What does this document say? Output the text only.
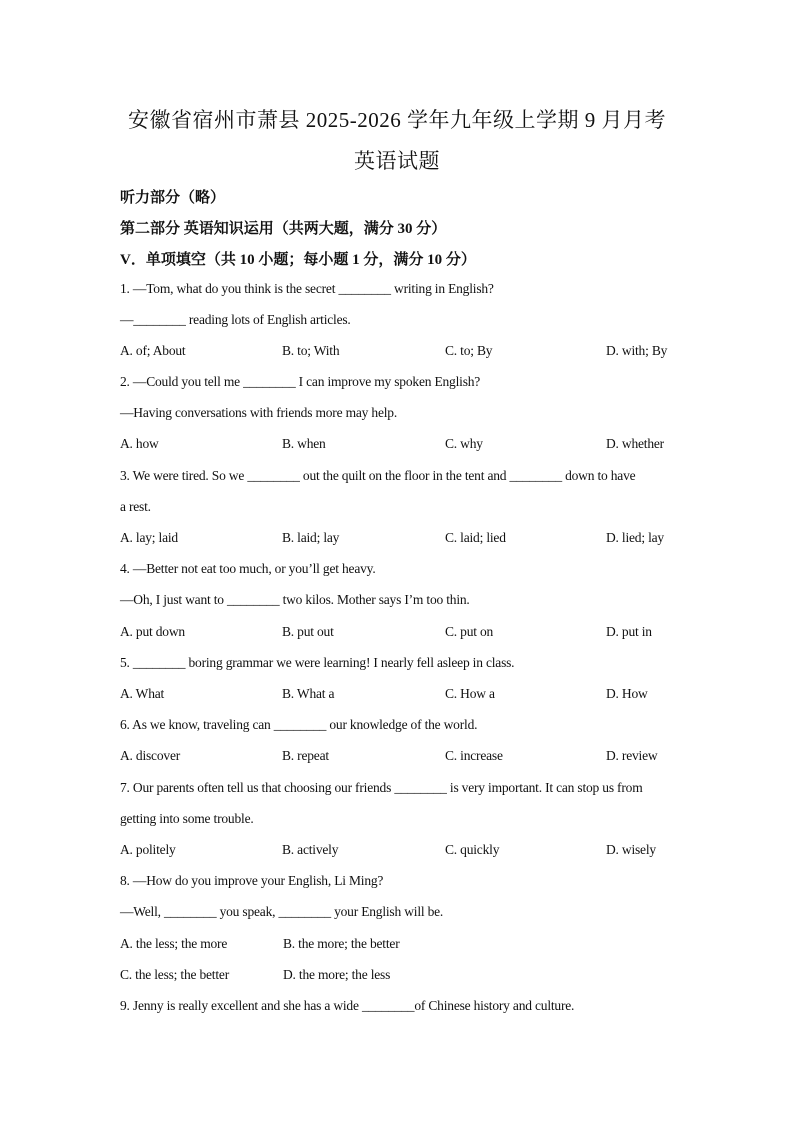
安徽省宿州市萧县 2025-2026 学年九年级上学期 9 月月考
英语试题

听力部分（略）

第二部分 英语知识运用（共两大题，满分 30 分）

V．单项填空（共 10 小题；每小题 1 分，满分 10 分）

1. —Tom, what do you think is the secret ________ writing in English?

—________ reading lots of English articles.

A. of; About	B. to; With	C. to; By	D. with; By

2. —Could you tell me ________ I can improve my spoken English?

—Having conversations with friends more may help.

A. how	B. when	C. why	D. whether

3. We were tired. So we ________ out the quilt on the floor in the tent and ________ down to have

a rest.

A. lay; laid	B. laid; lay	C. laid; lied	D. lied; lay

4. —Better not eat too much, or you’ll get heavy.

—Oh, I just want to ________ two kilos. Mother says I’m too thin.

A. put down	B. put out	C. put on	D. put in

5. ________ boring grammar we were learning! I nearly fell asleep in class.

A. What	B. What a	C. How a	D. How

6. As we know, traveling can ________ our knowledge of the world.

A. discover	B. repeat	C. increase	D. review

7. Our parents often tell us that choosing our friends ________ is very important. It can stop us from

getting into some trouble.

A. politely	B. actively	C. quickly	D. wisely

8. —How do you improve your English, Li Ming?

—Well, ________ you speak, ________ your English will be.

A. the less; the more	B. the more; the better
C. the less; the better	D. the more; the less

9. Jenny is really excellent and she has a wide ________of Chinese history and culture.
